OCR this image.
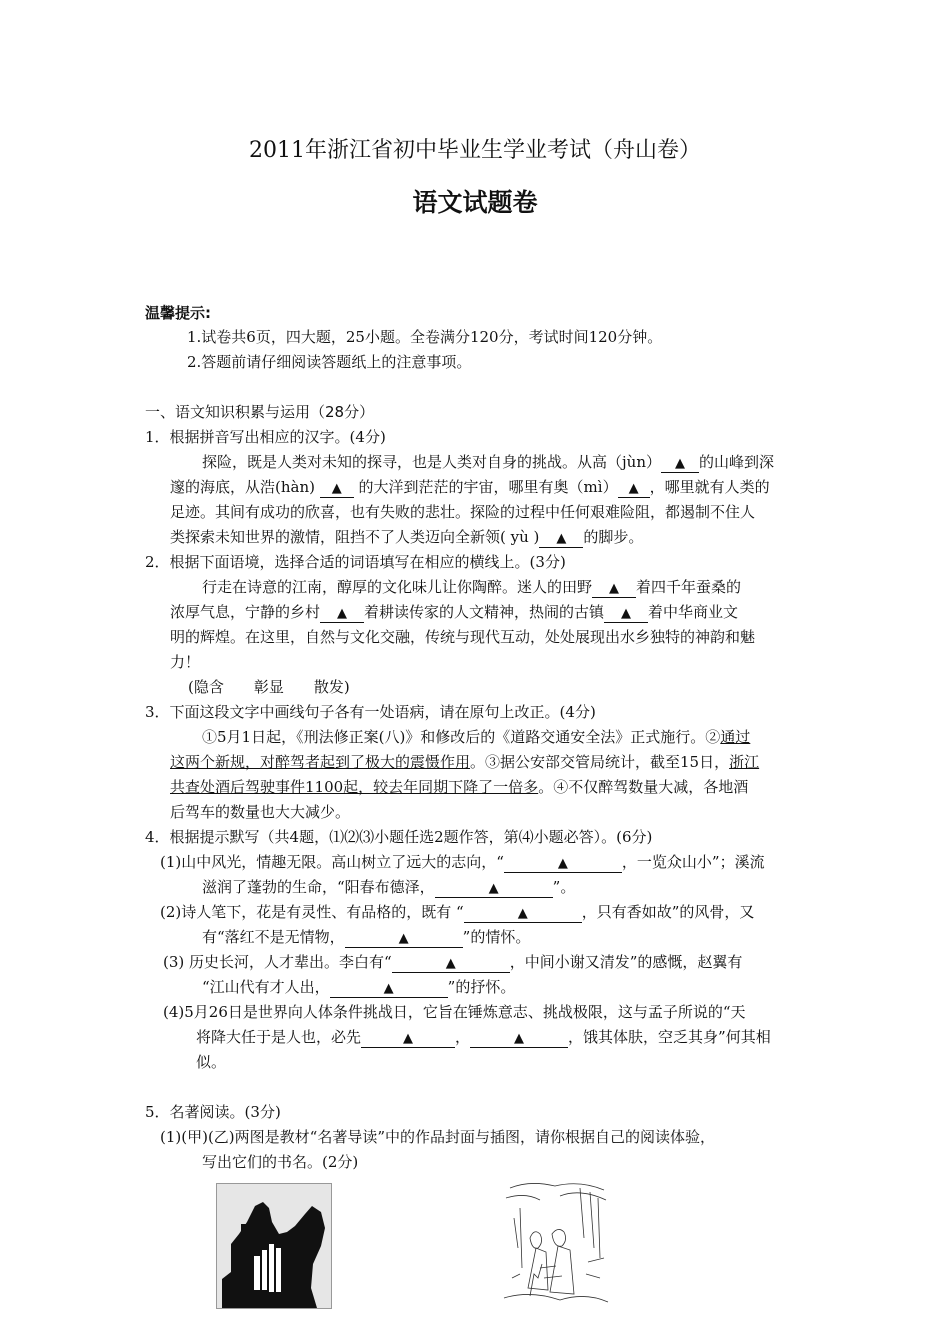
2011年浙江省初中毕业生学业考试（舟山卷）
语文试题卷
温馨提示:
1.试卷共6页，四大题，25小题。全卷满分120分，考试时间120分钟。
2.答题前请仔细阅读答题纸上的注意事项。
一、语文知识积累与运用（28分）
1．根据拼音写出相应的汉字。(4分)
探险，既是人类对未知的探寻，也是人类对自身的挑战。从高（jùn） ▲ 的山峰到深
邃的海底，从浩(hàn) ▲ 的大洋到茫茫的宇宙，哪里有奥（mì） ▲ ，哪里就有人类的
足迹。其间有成功的欣喜，也有失败的悲壮。探险的过程中任何艰难险阻，都遏制不住人
类探索未知世界的激情，阻挡不了人类迈向全新领( yù ) ▲ 的脚步。
2．根据下面语境，选择合适的词语填写在相应的横线上。(3分)
行走在诗意的江南，醇厚的文化味儿让你陶醉。迷人的田野 ▲ 着四千年蚕桑的
浓厚气息，宁静的乡村 ▲ 着耕读传家的人文精神，热闹的古镇 ▲ 着中华商业文
明的辉煌。在这里，自然与文化交融，传统与现代互动，处处展现出水乡独特的神韵和魅
力！
(隐含　　彰显　　散发)
3．下面这段文字中画线句子各有一处语病，请在原句上改正。(4分)
①5月1日起，《刑法修正案(八)》和修改后的《道路交通安全法》正式施行。②通过
这两个新规，对醉驾者起到了极大的震慑作用。③据公安部交管局统计，截至15日，浙江
共查处酒后驾驶事件1100起，较去年同期下降了一倍多。④不仅醉驾数量大减，各地酒
后驾车的数量也大大减少。
4．根据提示默写（共4题，⑴⑵⑶小题任选2题作答，第⑷小题必答）。(6分)
(1)山中风光，情趣无限。高山树立了远大的志向，“	▲	，一览众山小”；溪流
滋润了蓬勃的生命，“阳春布德泽，	▲	”。
(2)诗人笔下，花是有灵性、有品格的，既有 “	▲	，只有香如故”的风骨，又
有“落红不是无情物，	▲	”的情怀。
(3) 历史长河，人才辈出。李白有“	▲	，中间小谢又清发”的感慨，赵翼有
“江山代有才人出，	▲	”的抒怀。
(4)5月26日是世界向人体条件挑战日，它旨在锤炼意志、挑战极限，这与孟子所说的“天
将降大任于是人也，必先	▲	，	▲	，饿其体肤，空乏其身”何其相
似。
5．名著阅读。(3分)
(1)(甲)(乙)两图是教材“名著导读”中的作品封面与插图，请你根据自己的阅读体验，
写出它们的书名。(2分)
